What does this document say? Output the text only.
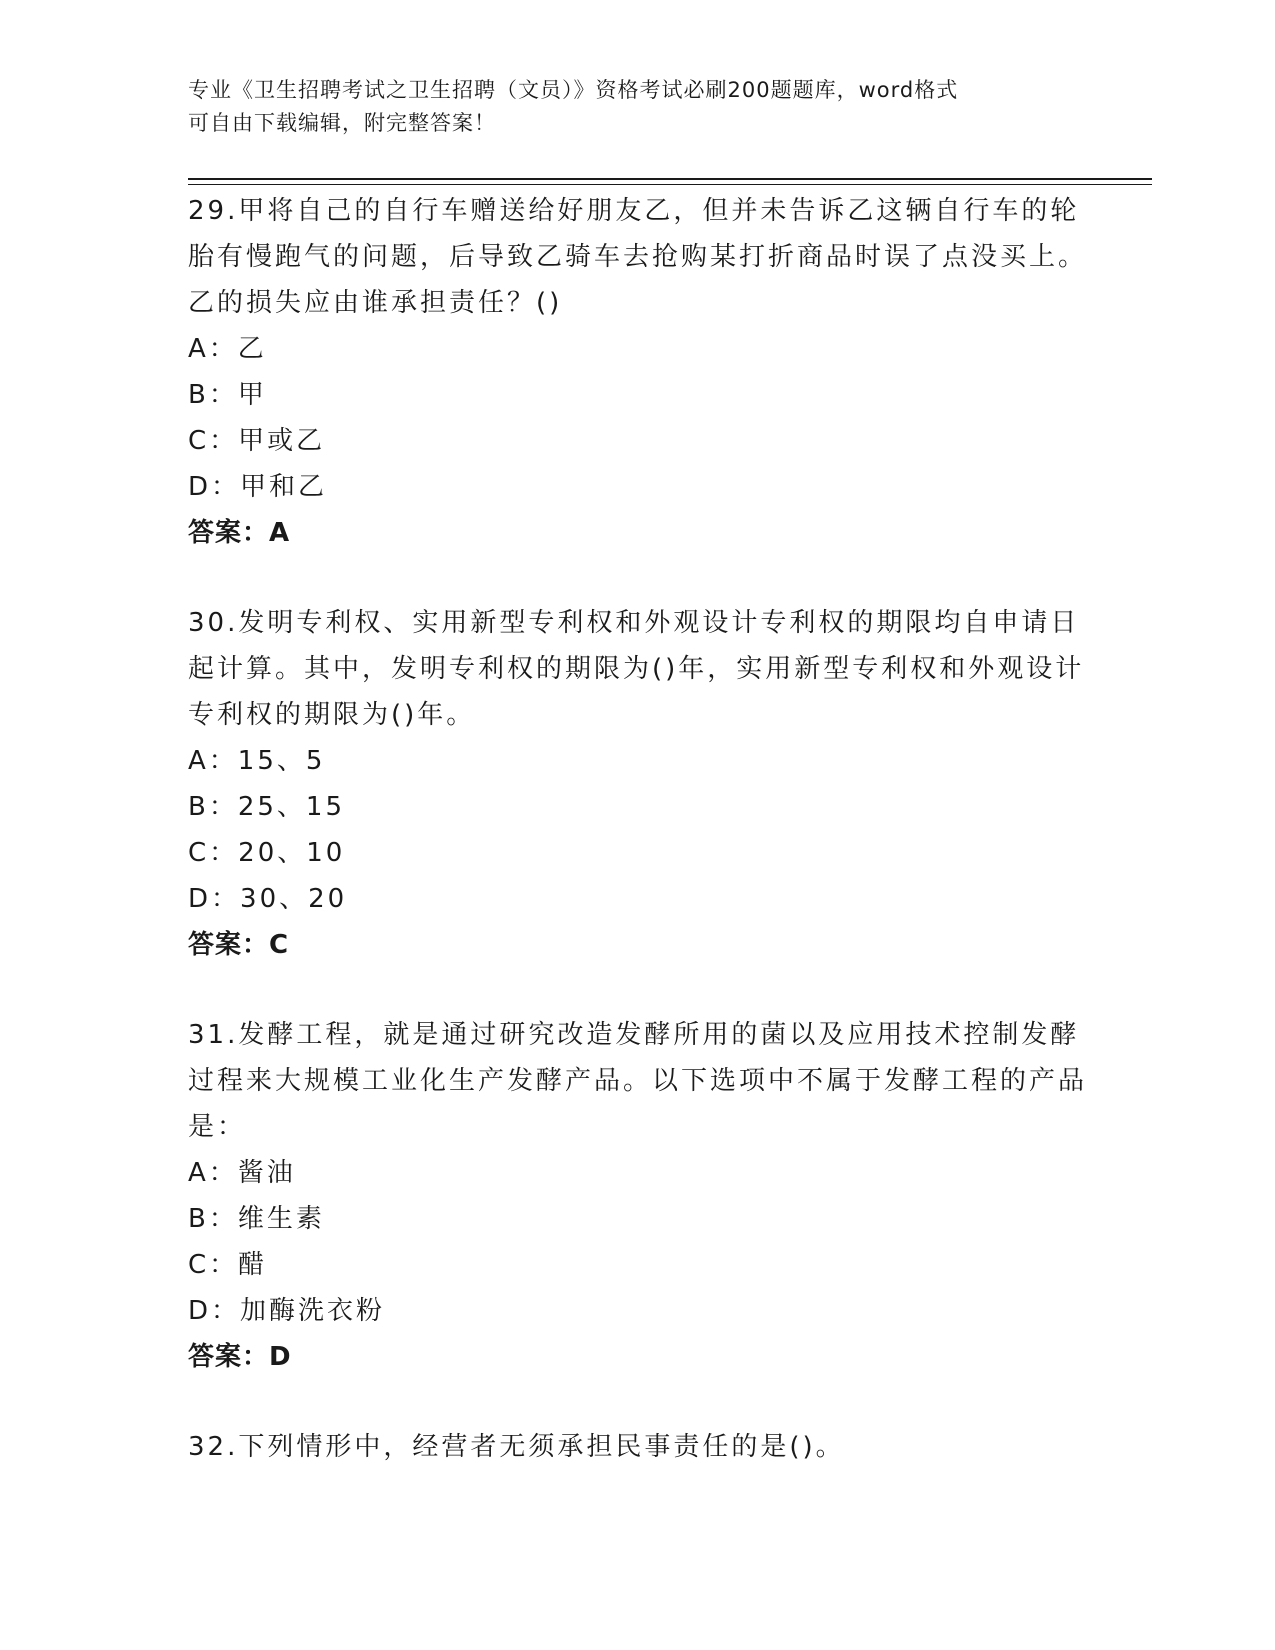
专业《卫生招聘考试之卫生招聘（文员）》资格考试必刷200题题库，word格式
可自由下载编辑，附完整答案！

29.甲将自己的自行车赠送给好朋友乙，但并未告诉乙这辆自行车的轮胎有慢跑气的问题，后导致乙骑车去抢购某打折商品时误了点没买上。乙的损失应由谁承担责任？()

A：乙
B：甲
C：甲或乙
D：甲和乙
答案：A

30.发明专利权、实用新型专利权和外观设计专利权的期限均自申请日起计算。其中，发明专利权的期限为()年，实用新型专利权和外观设计专利权的期限为()年。

A：15、5
B：25、15
C：20、10
D：30、20
答案：C

31.发酵工程，就是通过研究改造发酵所用的菌以及应用技术控制发酵过程来大规模工业化生产发酵产品。以下选项中不属于发酵工程的产品是：

A：酱油
B：维生素
C：醋
D：加酶洗衣粉
答案：D

32.下列情形中，经营者无须承担民事责任的是()。
